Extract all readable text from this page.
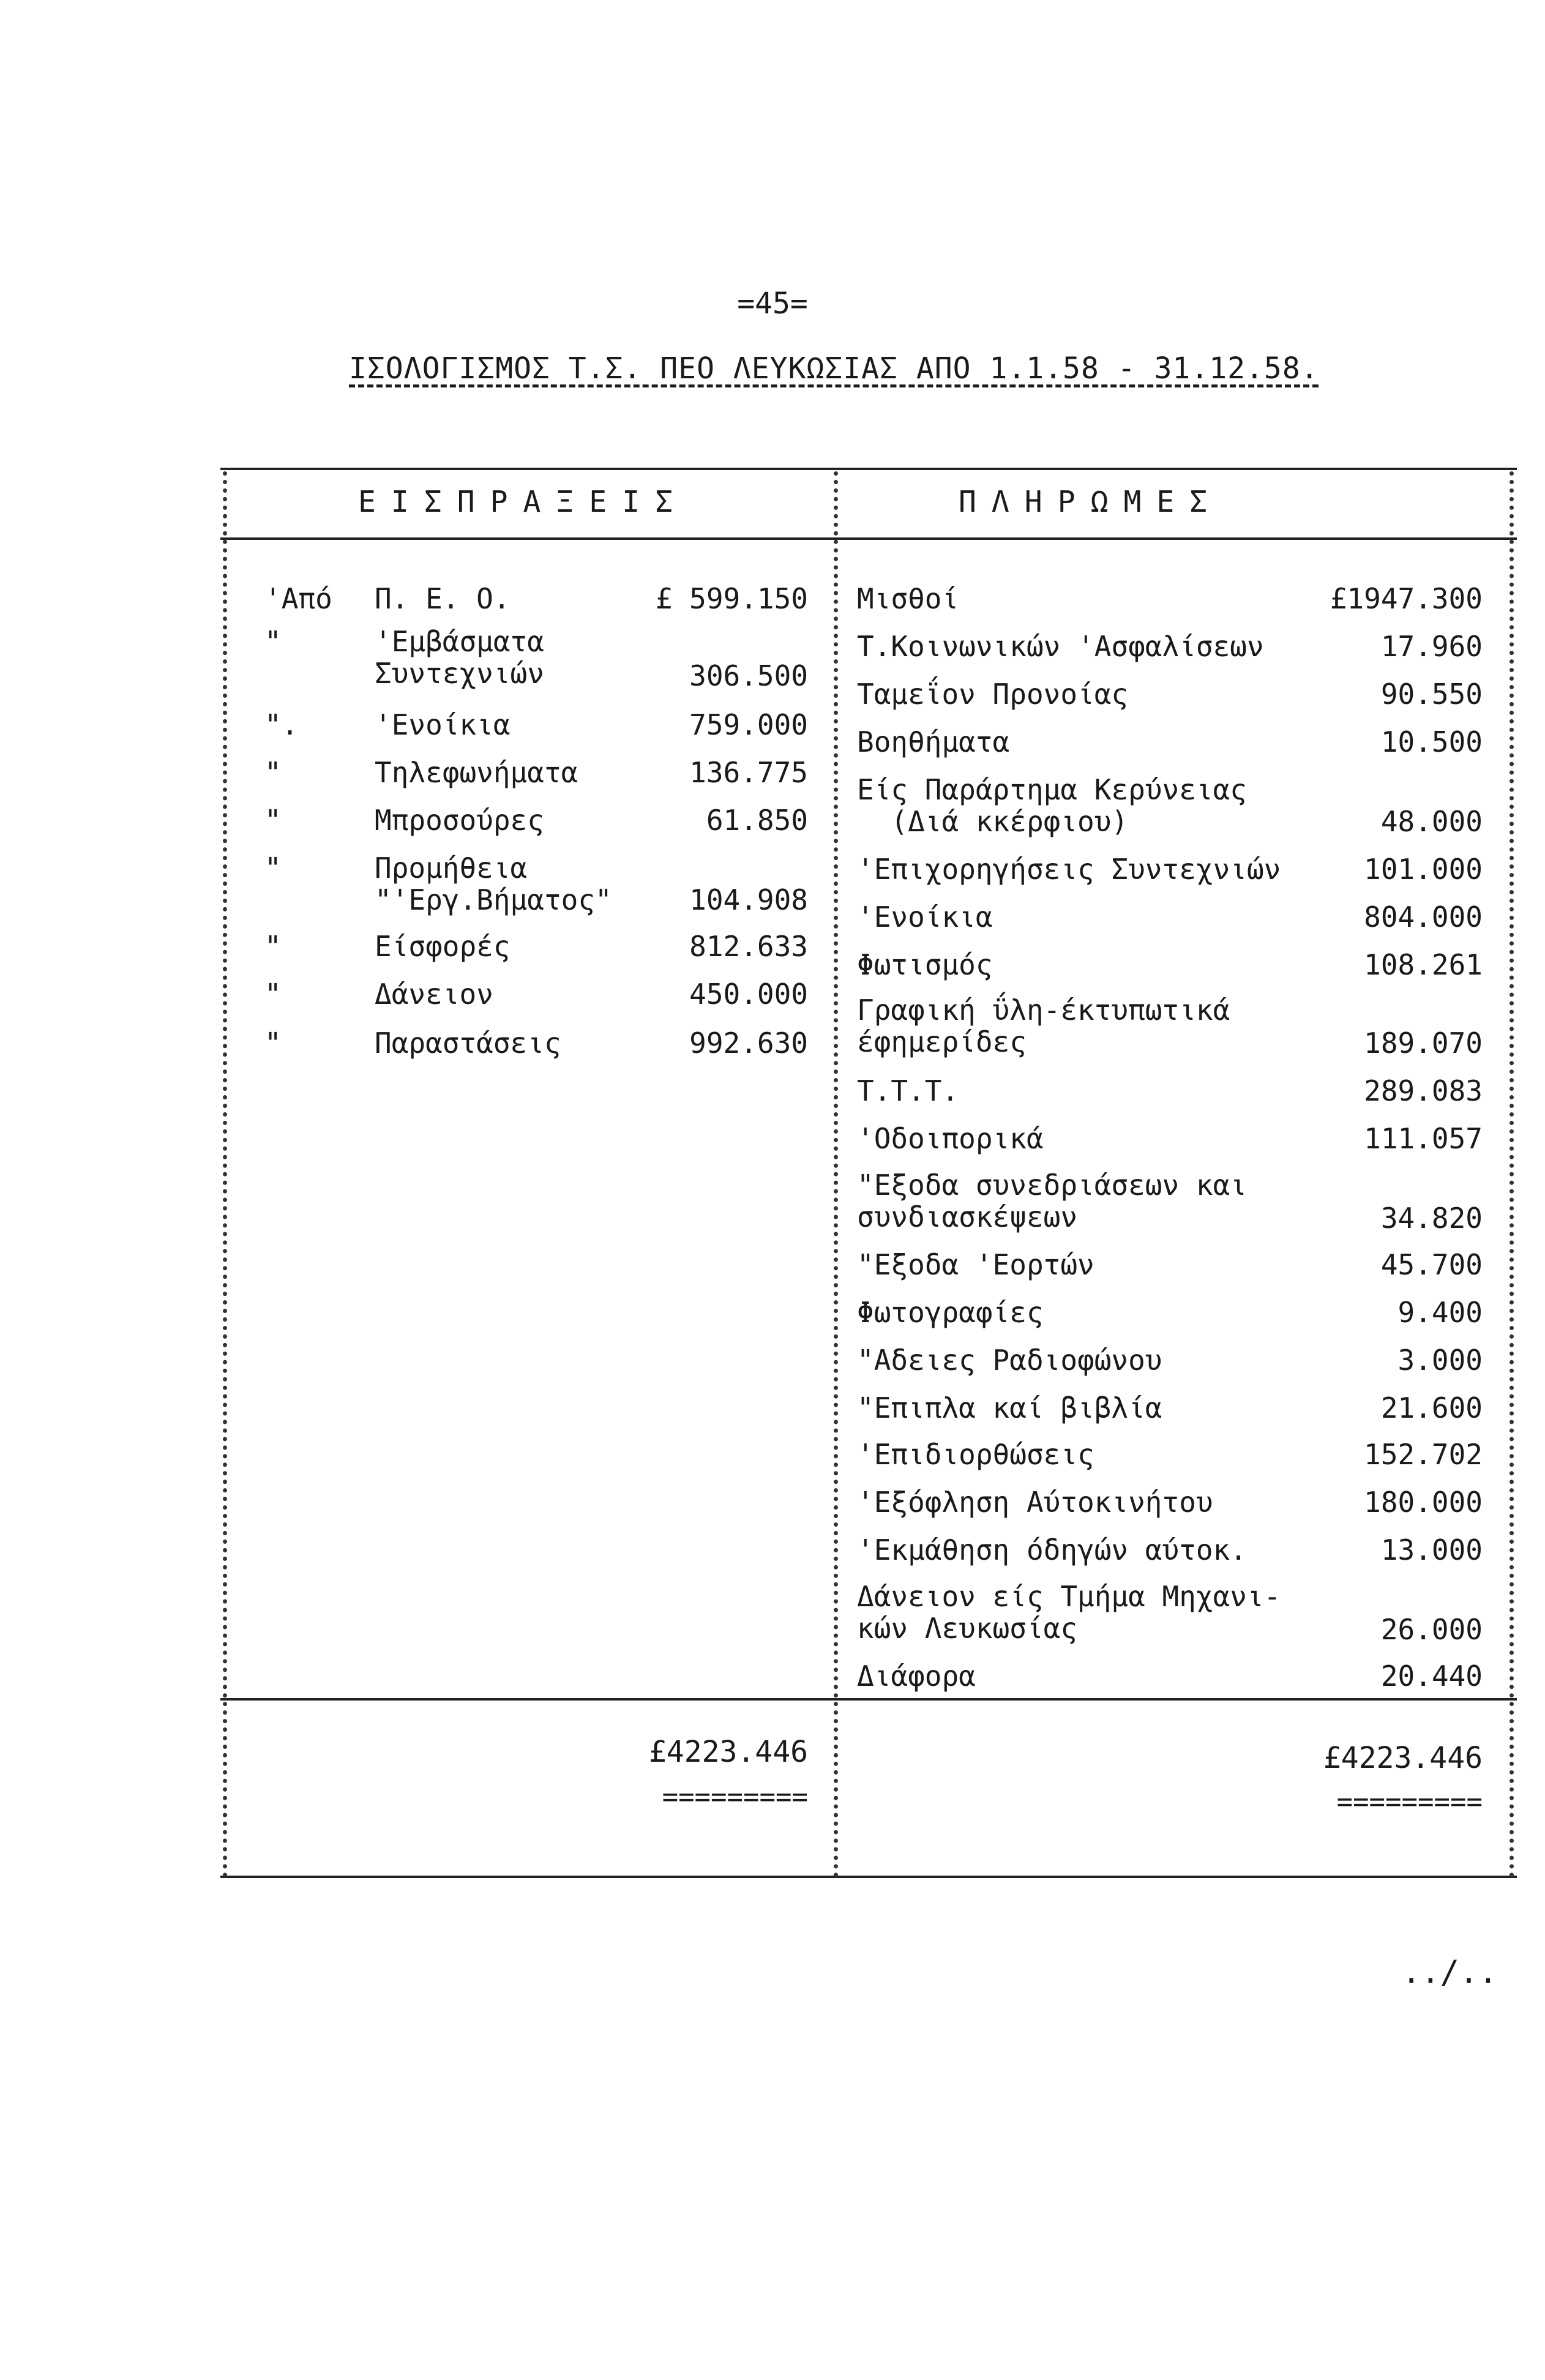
=45=
ΙΣΟΛΟΓΙΣΜΟΣ Τ.Σ. ΠΕΟ ΛΕΥΚΩΣΙΑΣ ΑΠΟ 1.1.58 - 31.12.58.
ΕΙΣΠΡΑΞΕΙΣ	ΠΛΗΡΩΜΕΣ
'Από	Π. Ε. Ο.	£ 599.150
"	'Εμβάσματα
Συντεχνιών	306.500
".	'Ενοίκια	759.000
"	Τηλεφωνήματα	136.775
"	Μπροσούρες	61.850
"	Προμήθεια
"'Εργ.Βήματος"	104.908
"	Είσφορές	812.633
"	Δάνειον	450.000
"	Παραστάσεις	992.630
Μισθοί	£1947.300
Τ.Κοινωνικών 'Ασφαλίσεων	17.960
Ταμεΐον Προνοίας	90.550
Βοηθήματα	10.500
Είς Παράρτημα Κερύνειας
(Διά κκέρφιου)	48.000
'Επιχορηγήσεις Συντεχνιών	101.000
'Ενοίκια	804.000
Φωτισμός	108.261
Γραφική ΰλη-έκτυπωτικά
έφημερίδες	189.070
Τ.Τ.Τ.	289.083
'Οδοιπορικά	111.057
"Εξοδα συνεδριάσεων και
συνδιασκέψεων	34.820
"Εξοδα 'Εορτών	45.700
Φωτογραφίες	9.400
"Αδειες Ραδιοφώνου	3.000
"Επιπλα καί βιβλία	21.600
'Επιδιορθώσεις	152.702
'Εξόφληση Αύτοκινήτου	180.000
'Εκμάθηση όδηγών αύτοκ.	13.000
Δάνειον είς Τμήμα Μηχανι-
κών Λευκωσίας	26.000
Διάφορα	20.440
£4223.446
=========
£4223.446
=========
../..
